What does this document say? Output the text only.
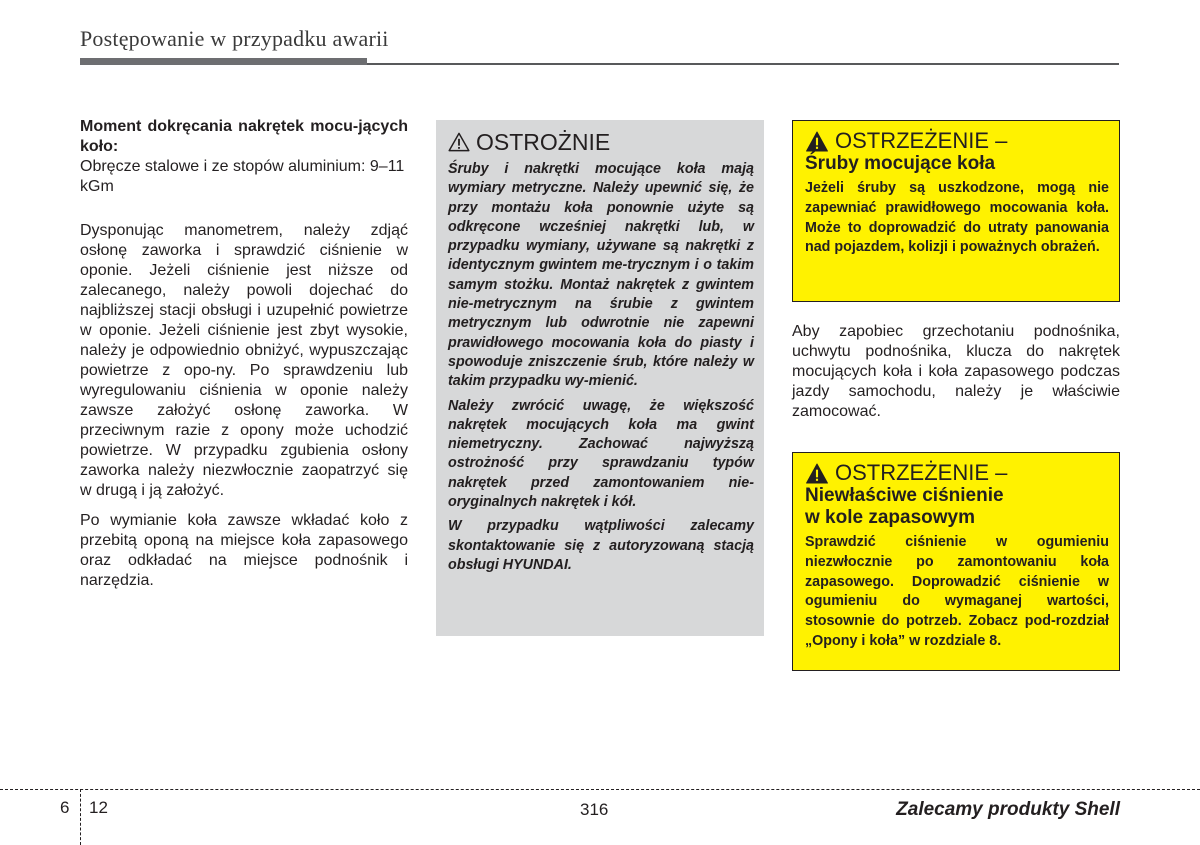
Postępowanie w przypadku awarii

Moment dokręcania nakrętek mocu-jących koło:

Obręcze stalowe i ze stopów aluminium: 9–11 kGm

Dysponując manometrem, należy zdjąć osłonę zaworka i sprawdzić ciśnienie w oponie. Jeżeli ciśnienie jest niższe od zalecanego, należy powoli dojechać do najbliższej stacji obsługi i uzupełnić powietrze w oponie. Jeżeli ciśnienie jest zbyt wysokie, należy je odpowiednio obniżyć, wypuszczając powietrze z opo-ny. Po sprawdzeniu lub wyregulowaniu ciśnienia w oponie należy zawsze założyć osłonę zaworka. W przeciwnym razie z opony może uchodzić powietrze. W przypadku zgubienia osłony zaworka należy niezwłocznie zaopatrzyć się w drugą i ją założyć.

Po wymianie koła zawsze wkładać koło z przebitą oponą na miejsce koła zapasowego oraz odkładać na miejsce podnośnik i narzędzia.

OSTROŻNIE

Śruby i nakrętki mocujące koła mają wymiary metryczne. Należy upewnić się, że przy montażu koła ponownie użyte są odkręcone wcześniej nakrętki lub, w przypadku wymiany, używane są nakrętki z identycznym gwintem me-trycznym i o takim samym stożku. Montaż nakrętek z gwintem nie-metrycznym na śrubie z gwintem metrycznym lub odwrotnie nie zapewni prawidłowego mocowania koła do piasty i spowoduje zniszczenie śrub, które należy w takim przypadku wy-mienić.

Należy zwrócić uwagę, że większość nakrętek mocujących koła ma gwint niemetryczny. Zachować najwyższą ostrożność przy sprawdzaniu typów nakrętek przed zamontowaniem nie-oryginalnych nakrętek i kół.

W przypadku wątpliwości zalecamy skontaktowanie się z autoryzowaną stacją obsługi HYUNDAI.

OSTRZEŻENIE –
Śruby mocujące koła

Jeżeli śruby są uszkodzone, mogą nie zapewniać prawidłowego mocowania koła. Może to doprowadzić do utraty panowania nad pojazdem, kolizji i poważnych obrażeń.

Aby zapobiec grzechotaniu podnośnika, uchwytu podnośnika, klucza do nakrętek mocujących koła i koła zapasowego podczas jazdy samochodu, należy je właściwie zamocować.

OSTRZEŻENIE –
Niewłaściwe ciśnienie
w kole zapasowym

Sprawdzić ciśnienie w ogumieniu niezwłocznie po zamontowaniu koła zapasowego. Doprowadzić ciśnienie w ogumieniu do wymaganej wartości, stosownie do potrzeb. Zobacz pod-rozdział „Opony i koła” w rozdziale 8.

6 12	316	Zalecamy produkty Shell
